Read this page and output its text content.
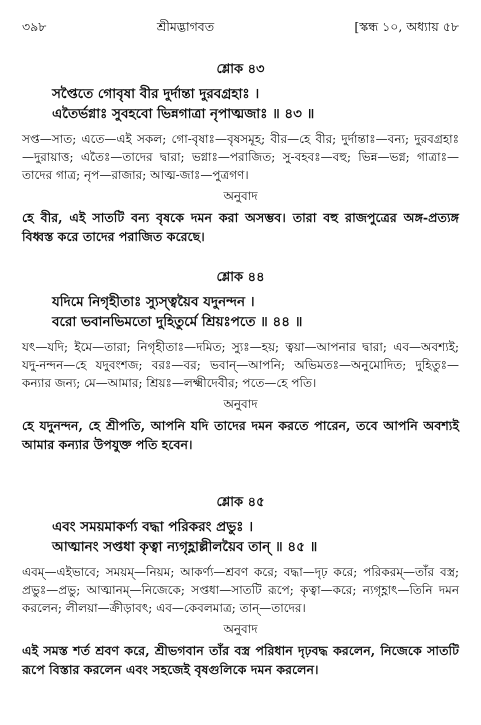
৩৯৮	শ্রীমদ্ভাগবত	[স্কন্ধ ১০, অধ্যায় ৫৮
শ্লোক ৪৩
সপ্তৈতে গোবৃষা বীর দুর্দান্তা দুরবগ্রহাঃ ।
এতৈর্ভগ্নাঃ সুবহবো ভিন্নগাত্রা নৃপাত্মজাঃ ॥ ৪৩ ॥
সপ্ত—সাত; এতে—এই সকল; গো-বৃষাঃ—বৃষসমূহ; বীর—হে বীর; দুর্দান্তাঃ—বন্য; দুরবগ্রহাঃ—দুরায়াত্ত; এতৈঃ—তাদের দ্বারা; ভগ্নাঃ—পরাজিত; সু-বহবঃ—বহু; ভিন্ন—ভগ্ন; গাত্রাঃ—তাদের গাত্র; নৃপ—রাজার; আত্ম-জাঃ—পুত্রগণ।
অনুবাদ
হে বীর, এই সাতটি বন্য বৃষকে দমন করা অসম্ভব। তারা বহু রাজপুত্রের অঙ্গ-প্রত্যঙ্গ বিধ্বস্ত করে তাদের পরাজিত করেছে।
শ্লোক ৪৪
যদিমে নিগৃহীতাঃ স্যুস্ত্বয়ৈব যদুনন্দন ।
বরো ভবানভিমতো দুহিতুর্মে শ্রিয়ঃপতে ॥ ৪৪ ॥
যৎ—যদি; ইমে—তারা; নিগৃহীতাঃ—দমিত; স্যুঃ—হয়; ত্বয়া—আপনার দ্বারা; এব—অবশ্যই; যদু-নন্দন—হে যদুবংশজ; বরঃ—বর; ভবান্—আপনি; অভিমতঃ—অনুমোদিত; দুহিতুঃ—কন্যার জন্য; মে—আমার; শ্রিয়ঃ—লক্ষ্মীদেবীর; পতে—হে পতি।
অনুবাদ
হে যদুনন্দন, হে শ্রীপতি, আপনি যদি তাদের দমন করতে পারেন, তবে আপনি অবশ্যই আমার কন্যার উপযুক্ত পতি হবেন।
শ্লোক ৪৫
এবং সময়মাকর্ণ্য বদ্ধা পরিকরং প্রভুঃ ।
আত্মানং সপ্তধা কৃত্বা ন্যগৃহ্ণাল্লীলয়ৈব তান্ ॥ ৪৫ ॥
এবম্—এইভাবে; সময়ম্—নিয়ম; আকর্ণ্য—শ্রবণ করে; বদ্ধা—দৃঢ় করে; পরিকরম্—তাঁর বস্ত্র; প্রভুঃ—প্রভু; আত্মানম্—নিজেকে; সপ্তধা—সাতটি রূপে; কৃত্বা—করে; ন্যগৃহ্ণাৎ—তিনি দমন করলেন; লীলয়া—ক্রীড়াবৎ; এব—কেবলমাত্র; তান্—তাদের।
অনুবাদ
এই সমস্ত শর্ত শ্রবণ করে, শ্রীভগবান তাঁর বস্ত্র পরিধান দৃঢ়বদ্ধ করলেন, নিজেকে সাতটি রূপে বিস্তার করলেন এবং সহজেই বৃষগুলিকে দমন করলেন।
